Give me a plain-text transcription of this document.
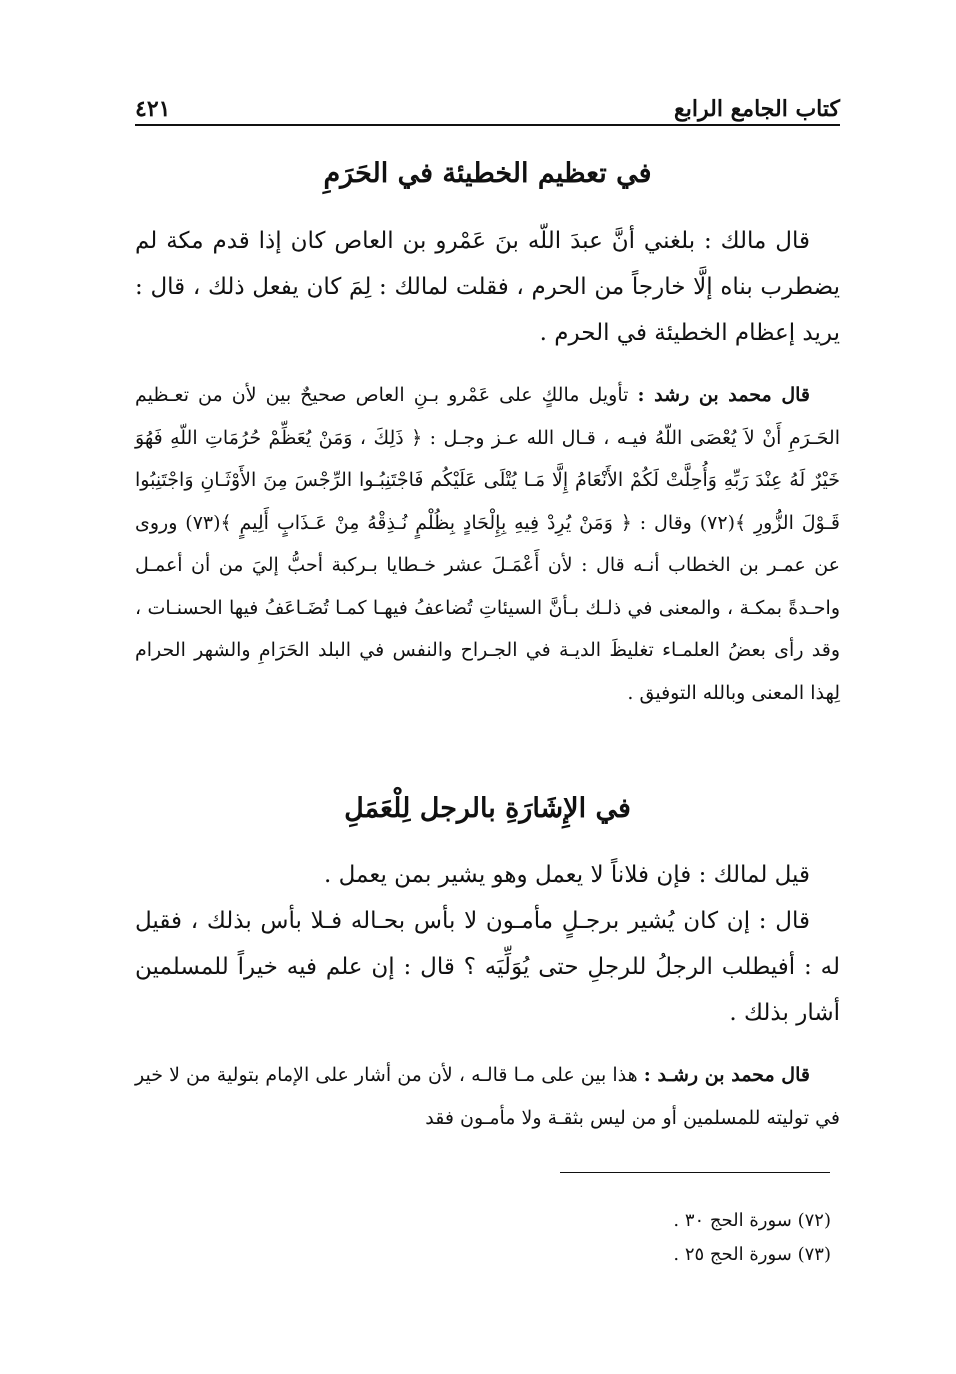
كتاب الجامع الرابع
٤٢١
في تعظيم الخطيئة في الحَرَمِ

قال مالك : بلغني أنَّ عبدَ اللّه بنَ عَمْرو بن العاص كان إذا قدم مكة لم يضطرب بناه إلَّا خارجاً من الحرم ، فقلت لمالك : لِمَ كان يفعل ذلك ، قال : يريد إعظام الخطيئة في الحرم .

قال محمد بن رشد : تأويل مالكٍ على عَمْرو بـنِ العاص صحيحٌ بين لأن من تعـظيم الحَـرَمِ أَنْ لاَ يُعْصَى اللّهُ فيـه ، قـال الله عـز وجـل : ﴿ ذَلِكَ ، وَمَنْ يُعَظِّمْ حُرُمَاتِ اللّهِ فَهُوَ خَيْرٌ لَهُ عِنْدَ رَبِّهِ وَأُحِلَّتْ لَكُمْ الأَنْعَامُ إِلَّا مَـا يُتْلَى عَلَيْكُم فَاجْتَنِبُـوا الرِّجْسَ مِنَ الأَوْثَـانِ وَاجْتَنِبُوا قَـوْلَ الزُّورِ ﴾(٧٢) وقال : ﴿ وَمَنْ يُرِدْ فِيهِ بِإِلْحَادٍ بِظُلْمٍ نُـذِقْهُ مِنْ عَـذَابٍ أَلِيمٍ ﴾(٧٣) وروى عن عمـر بن الخطاب أنـه قال : لأن أَعْمَـلَ عشر خـطايا بـركبة أحبُّ إليَ من أن أعمـل واحـدةً بمكـة ، والمعنى في ذلـك بـأنَّ السيئاتِ تُضاعفُ فيهـا كمـا تُضَـاعَفُ فيها الحسنـات ، وقد رأى بعضُ العلمـاء تغليظَ الديـة في الجـراح والنفس في البلد الحَرَامِ والشهر الحرام لِهذا المعنى وبالله التوفيق .

في الإِشَارَةِ بالرجل لِلْعَمَلِ

قيل لمالك : فإن فلاناً لا يعمل وهو يشير بمن يعمل .

قال : إن كان يُشير برجـلٍ مأمـون لا بأس بحـاله فـلا بأس بذلك ، فقيل له : أفيطلب الرجلُ للرجلِ حتى يُوَلِّيَه ؟ قال : إن علم فيه خيراً للمسلمين أشار بذلك .

قال محمد بن رشـد : هذا بين على مـا قالـه ، لأن من أشار على الإمام بتولية من لا خير في توليته للمسلمين أو من ليس بثقـة ولا مأمـون فقد

(٧٢) سورة الحج ٣٠ .
(٧٣) سورة الحج ٢٥ .
